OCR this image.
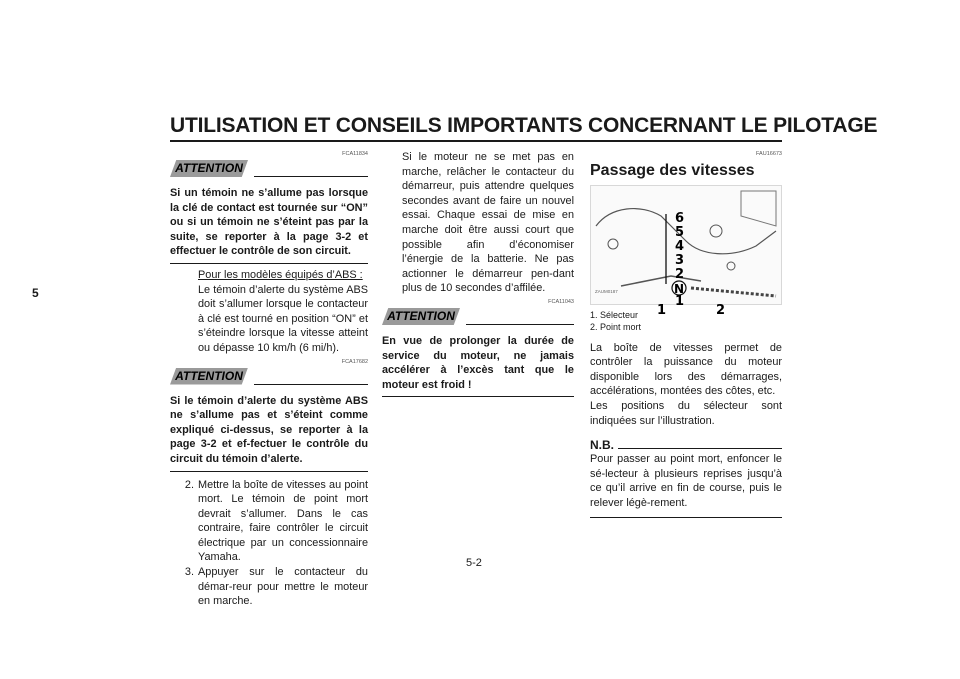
UTILISATION ET CONSEILS IMPORTANTS CONCERNANT LE PILOTAGE
5
FCA11834
ATTENTION

Si un témoin ne s’allume pas lorsque la clé de contact est tournée sur “ON” ou si un témoin ne s’éteint pas par la suite, se reporter à la page 3-2 et effectuer le contrôle de son circuit.

Pour les modèles équipés d’ABS :

Le témoin d’alerte du système ABS doit s’allumer lorsque le contacteur à clé est tourné en position “ON” et s’éteindre lorsque la vitesse atteint ou dépasse 10 km/h (6 mi/h).

FCA17682
ATTENTION

Si le témoin d’alerte du système ABS ne s’allume pas et s’éteint comme expliqué ci-dessus, se reporter à la page 3-2 et ef-fectuer le contrôle du circuit du témoin d’alerte.

2. Mettre la boîte de vitesses au point mort. Le témoin de point mort devrait s’allumer. Dans le cas contraire, faire contrôler le circuit électrique par un concessionnaire Yamaha.
3. Appuyer sur le contacteur du démar-reur pour mettre le moteur en marche.

Si le moteur ne se met pas en marche, relâcher le contacteur du démarreur, puis attendre quelques secondes avant de faire un nouvel essai. Chaque essai de mise en marche doit être aussi court que possible afin d’économiser l’énergie de la batterie. Ne pas actionner le démarreur pen-dant plus de 10 secondes d’affilée.

FCA11043
ATTENTION

En vue de prolonger la durée de service du moteur, ne jamais accélérer à l’excès tant que le moteur est froid !

FAU16673
Passage des vitesses
6
5
4
3
2
N
1
1	2
ZAUM0187
1. Sélecteur
2. Point mort

La boîte de vitesses permet de contrôler la puissance du moteur disponible lors des démarrages, accélérations, montées des côtes, etc.

Les positions du sélecteur sont indiquées sur l’illustration.

N.B.

Pour passer au point mort, enfoncer le sé-lecteur à plusieurs reprises jusqu’à ce qu’il arrive en fin de course, puis le relever légè-rement.

5-2
